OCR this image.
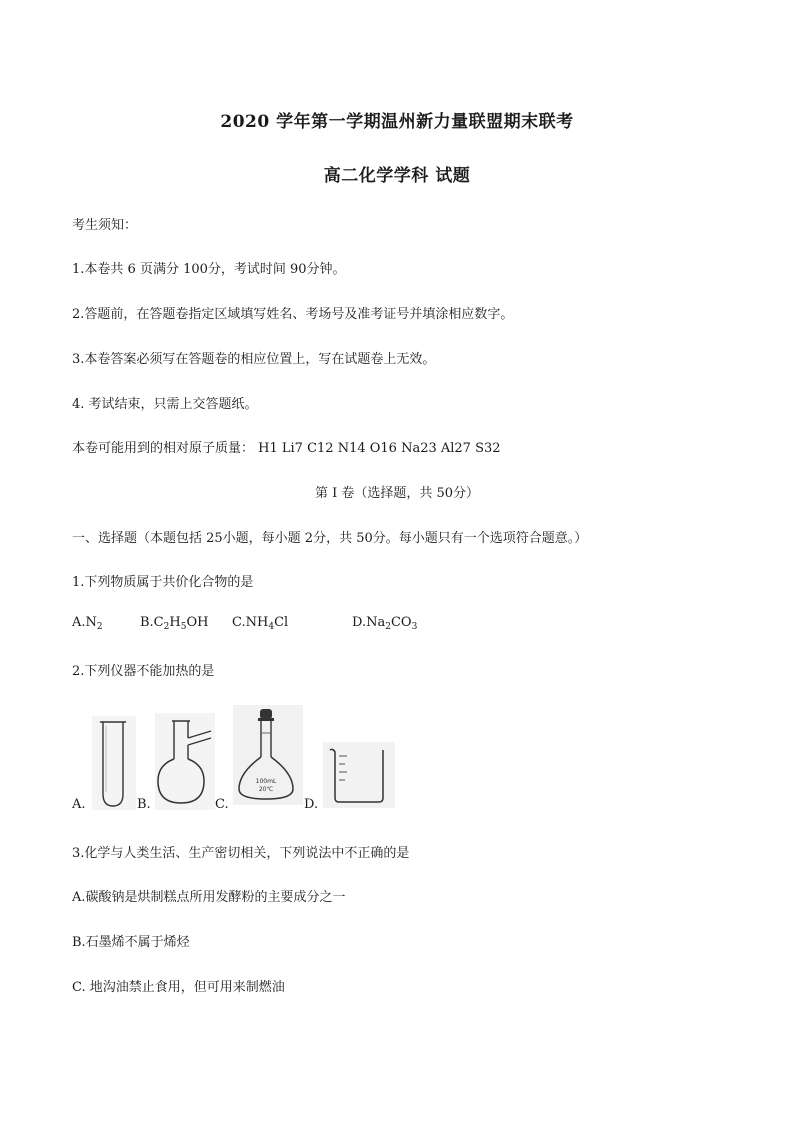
2020 学年第一学期温州新力量联盟期末联考
高二化学学科 试题
考生须知：
1.本卷共 6 页满分 100分，考试时间 90分钟。
2.答题前，在答题卷指定区域填写姓名、考场号及准考证号并填涂相应数字。
3.本卷答案必须写在答题卷的相应位置上，写在试题卷上无效。
4. 考试结束，只需上交答题纸。
本卷可能用到的相对原子质量： H1 Li7 C12 N14 O16 Na23 Al27 S32
第 I 卷（选择题，共 50分）
一、选择题（本题包括 25小题，每小题 2分，共 50分。每小题只有一个选项符合题意。）
1.下列物质属于共价化合物的是
$A.N_2$	$B.C_2H_5OH$ $C.NH_4Cl$	$D.Na_2CO_3$
2.下列仪器不能加热的是
A.	B.	C.
100mL
20℃
D.
3.化学与人类生活、生产密切相关，下列说法中不正确的是
A.碳酸钠是烘制糕点所用发酵粉的主要成分之一
B.石墨烯不属于烯烃
C. 地沟油禁止食用，但可用来制燃油
